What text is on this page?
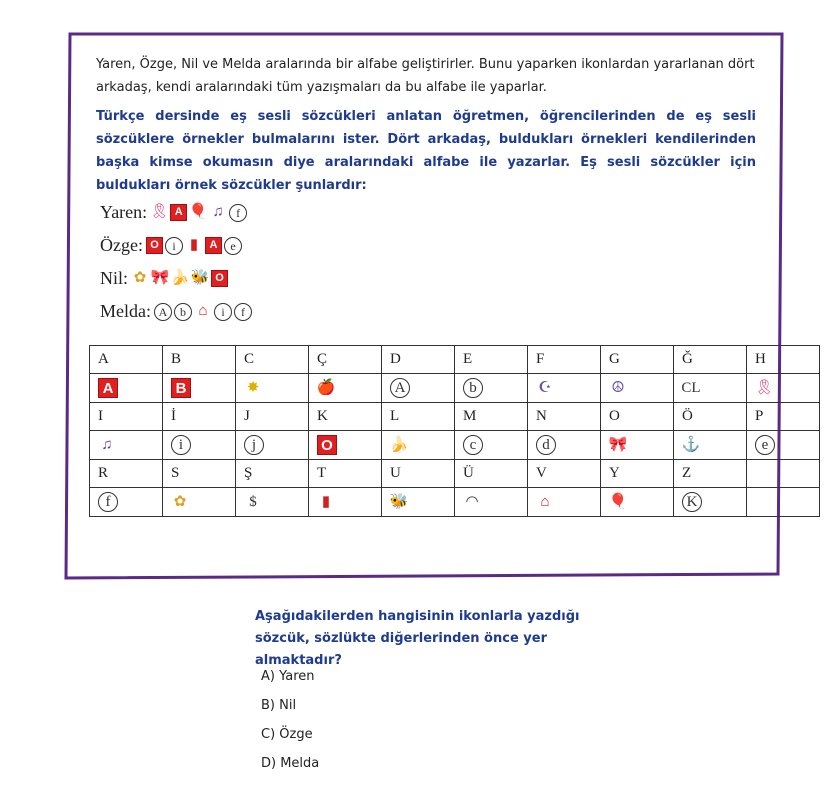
Yaren, Özge, Nil ve Melda aralarında bir alfabe geliştirirler. Bunu yaparken ikonlardan yararlanan dört arkadaş, kendi aralarındaki tüm yazışmaları da bu alfabe ile yaparlar.
Türkçe dersinde eş sesli sözcükleri anlatan öğretmen, öğrencilerinden de eş sesli sözcüklere örnekler bulmalarını ister. Dört arkadaş, buldukları örnekleri kendilerinden başka kimse okumasın diye aralarındaki alfabe ile yazarlar. Eş sesli sözcükler için buldukları örnek sözcükler şunlardır:
Yaren: 🎗 A 🎈 ♫	f
Özge: O	i ▮	A	e
Nil: ✿ 🎀 🍌 🐝 O
Melda: A	b ⌂	i	f
A	B	C	Ç	D	E	F	G	Ğ	H
A	B	✸	🍎	A	b	☪	☮	CL	🎗
I	İ	J	K	L	M	N	O	Ö	P
♫	i	j	O	🍌	c	d	🎀	⚓	e
R	S	Ş	T	U	Ü	V	Y	Z	
f	✿	$	▮	🐝	◠	⌂	🎈	K	
Aşağıdakilerden hangisinin ikonlarla yazdığı sözcük, sözlükte diğerlerinden önce yer almaktadır?
A) Yaren
B) Nil
C) Özge
D) Melda
